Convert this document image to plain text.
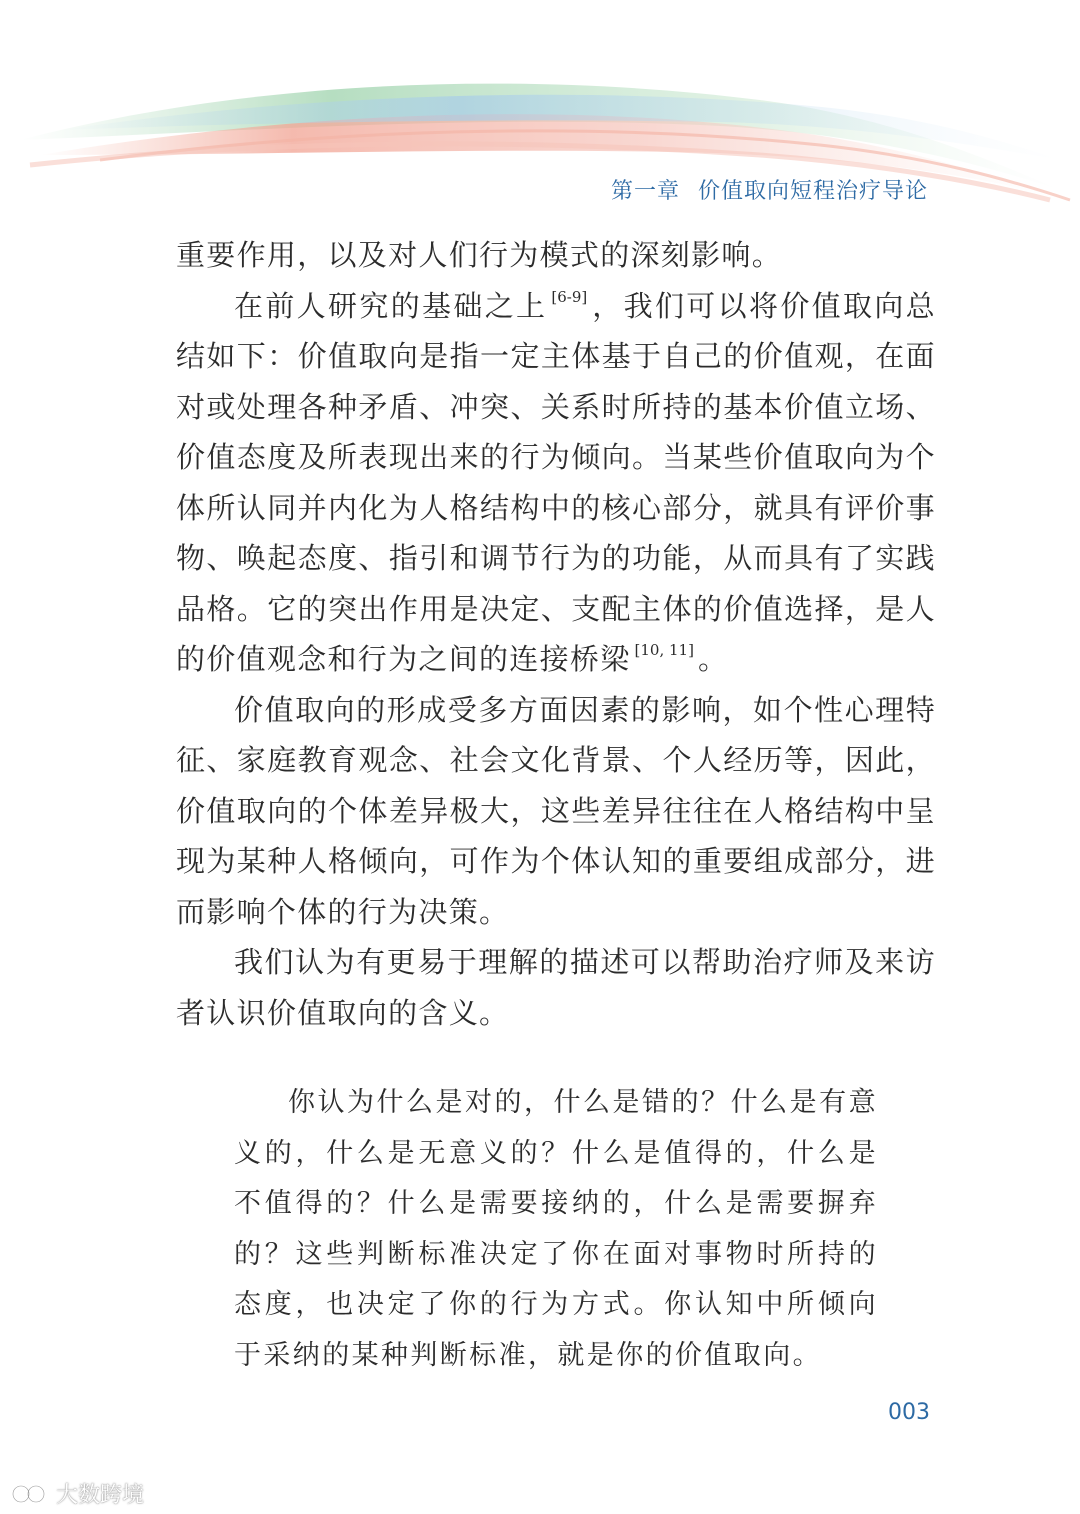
第一章 价值取向短程治疗导论

重要作用，以及对人们行为模式的深刻影响。

在前人研究的基础之上 [6-9] ，我们可以将价值取向总结如下：价值取向是指一定主体基于自己的价值观，在面对或处理各种矛盾、冲突、关系时所持的基本价值立场、价值态度及所表现出来的行为倾向。当某些价值取向为个体所认同并内化为人格结构中的核心部分，就具有评价事物、唤起态度、指引和调节行为的功能，从而具有了实践品格。它的突出作用是决定、支配主体的价值选择，是人的价值观念和行为之间的连接桥梁 [10, 11] 。

价值取向的形成受多方面因素的影响，如个性心理特征、家庭教育观念、社会文化背景、个人经历等，因此，价值取向的个体差异极大，这些差异往往在人格结构中呈现为某种人格倾向，可作为个体认知的重要组成部分，进而影响个体的行为决策。

我们认为有更易于理解的描述可以帮助治疗师及来访者认识价值取向的含义。

你认为什么是对的，什么是错的？什么是有意义的，什么是无意义的？什么是值得的，什么是不值得的？什么是需要接纳的，什么是需要摒弃的？这些判断标准决定了你在面对事物时所持的态度，也决定了你的行为方式。你认知中所倾向于采纳的某种判断标准，就是你的价值取向。

003
大数跨境
